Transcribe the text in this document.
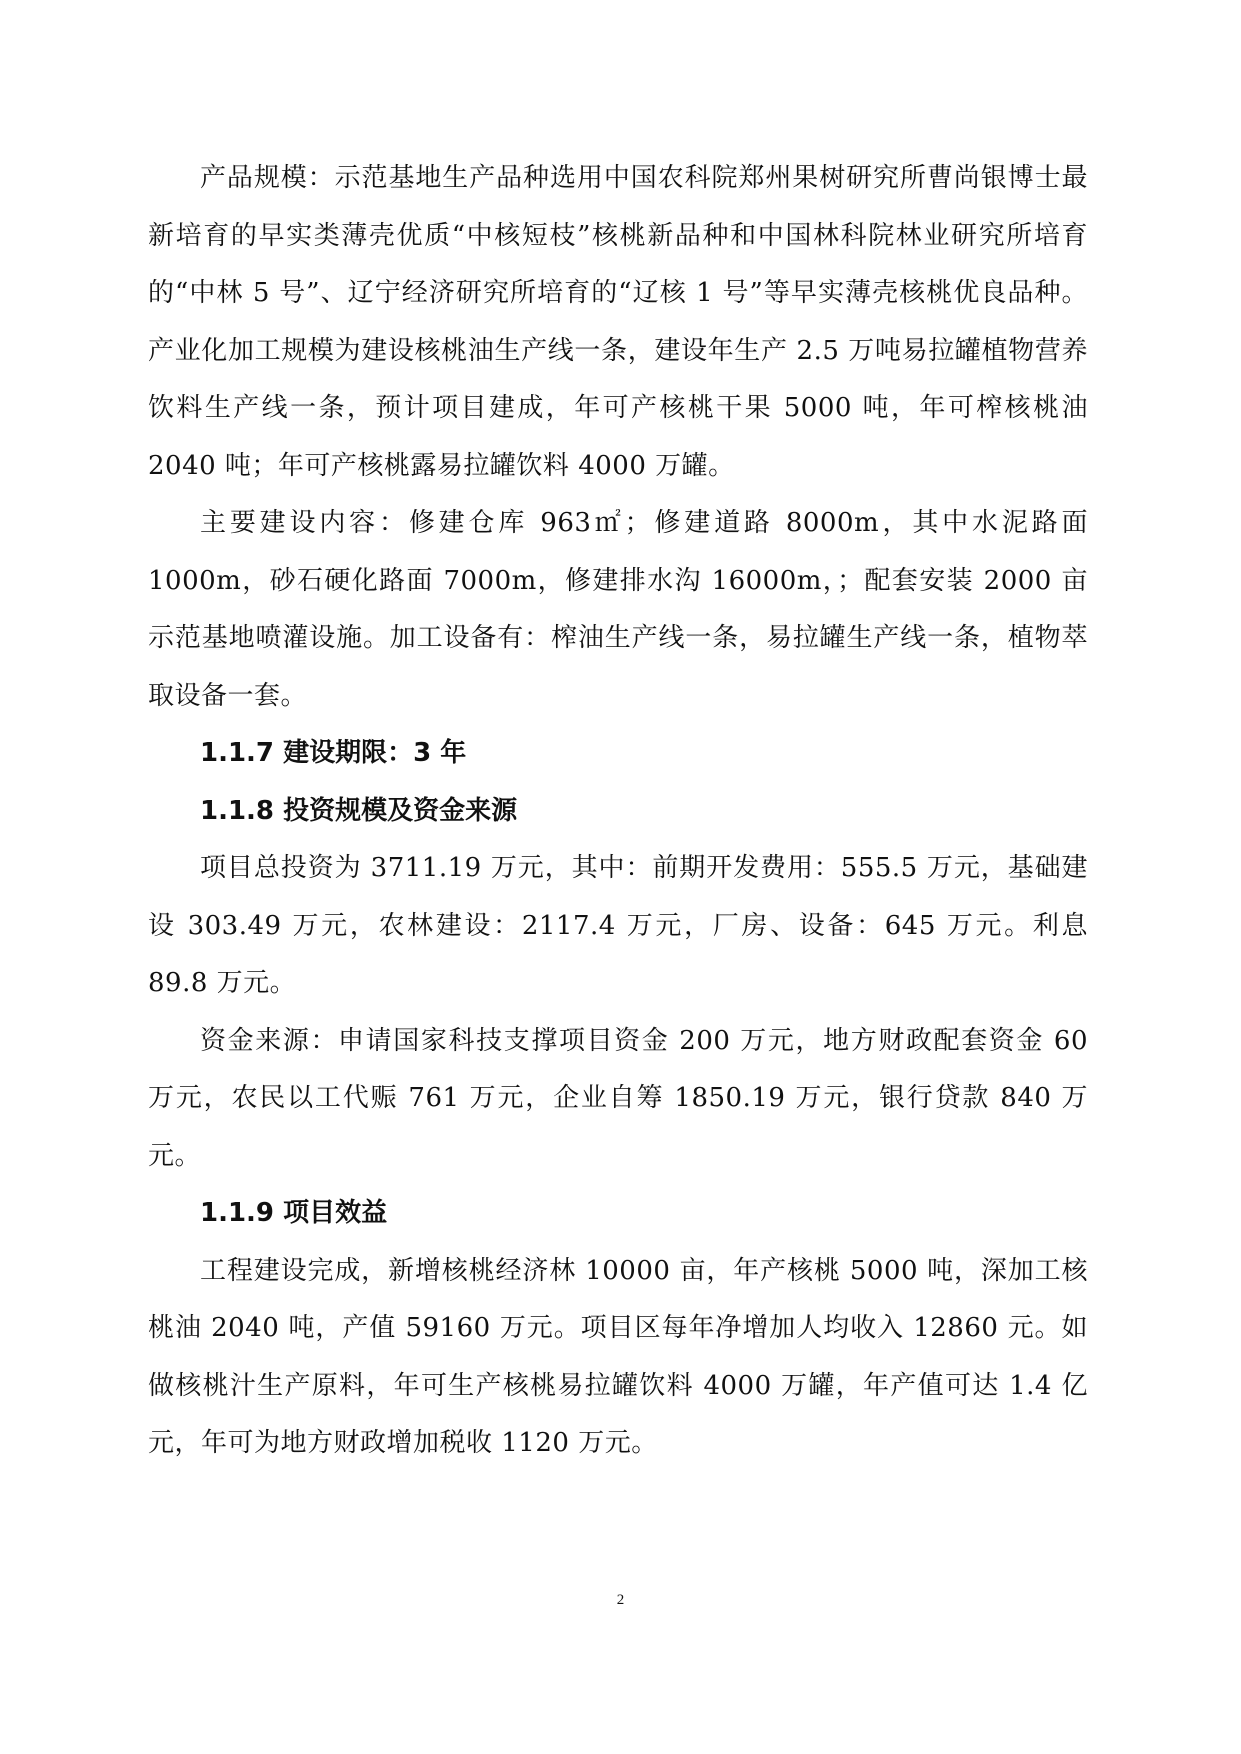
产品规模：示范基地生产品种选用中国农科院郑州果树研究所曹尚银博士最新培育的早实类薄壳优质“中核短枝”核桃新品种和中国林科院林业研究所培育的“中林 5 号”、辽宁经济研究所培育的“辽核 1 号”等早实薄壳核桃优良品种。产业化加工规模为建设核桃油生产线一条，建设年生产 2.5 万吨易拉罐植物营养饮料生产线一条，预计项目建成，年可产核桃干果 5000 吨，年可榨核桃油 2040 吨；年可产核桃露易拉罐饮料 4000 万罐。

主要建设内容：修建仓库 963㎡；修建道路 8000m，其中水泥路面 1000m，砂石硬化路面 7000m，修建排水沟 16000m，；配套安装 2000 亩示范基地喷灌设施。加工设备有：榨油生产线一条，易拉罐生产线一条，植物萃取设备一套。

1.1.7 建设期限：3 年

1.1.8 投资规模及资金来源

项目总投资为 3711.19 万元，其中：前期开发费用：555.5 万元，基础建设 303.49 万元，农林建设：2117.4 万元，厂房、设备：645 万元。利息 89.8 万元。

资金来源：申请国家科技支撑项目资金 200 万元，地方财政配套资金 60 万元，农民以工代赈 761 万元，企业自筹 1850.19 万元，银行贷款 840 万元。

1.1.9 项目效益

工程建设完成，新增核桃经济林 10000 亩，年产核桃 5000 吨，深加工核桃油 2040 吨，产值 59160 万元。项目区每年净增加人均收入 12860 元。如做核桃汁生产原料，年可生产核桃易拉罐饮料 4000 万罐，年产值可达 1.4 亿元，年可为地方财政增加税收 1120 万元。

2
